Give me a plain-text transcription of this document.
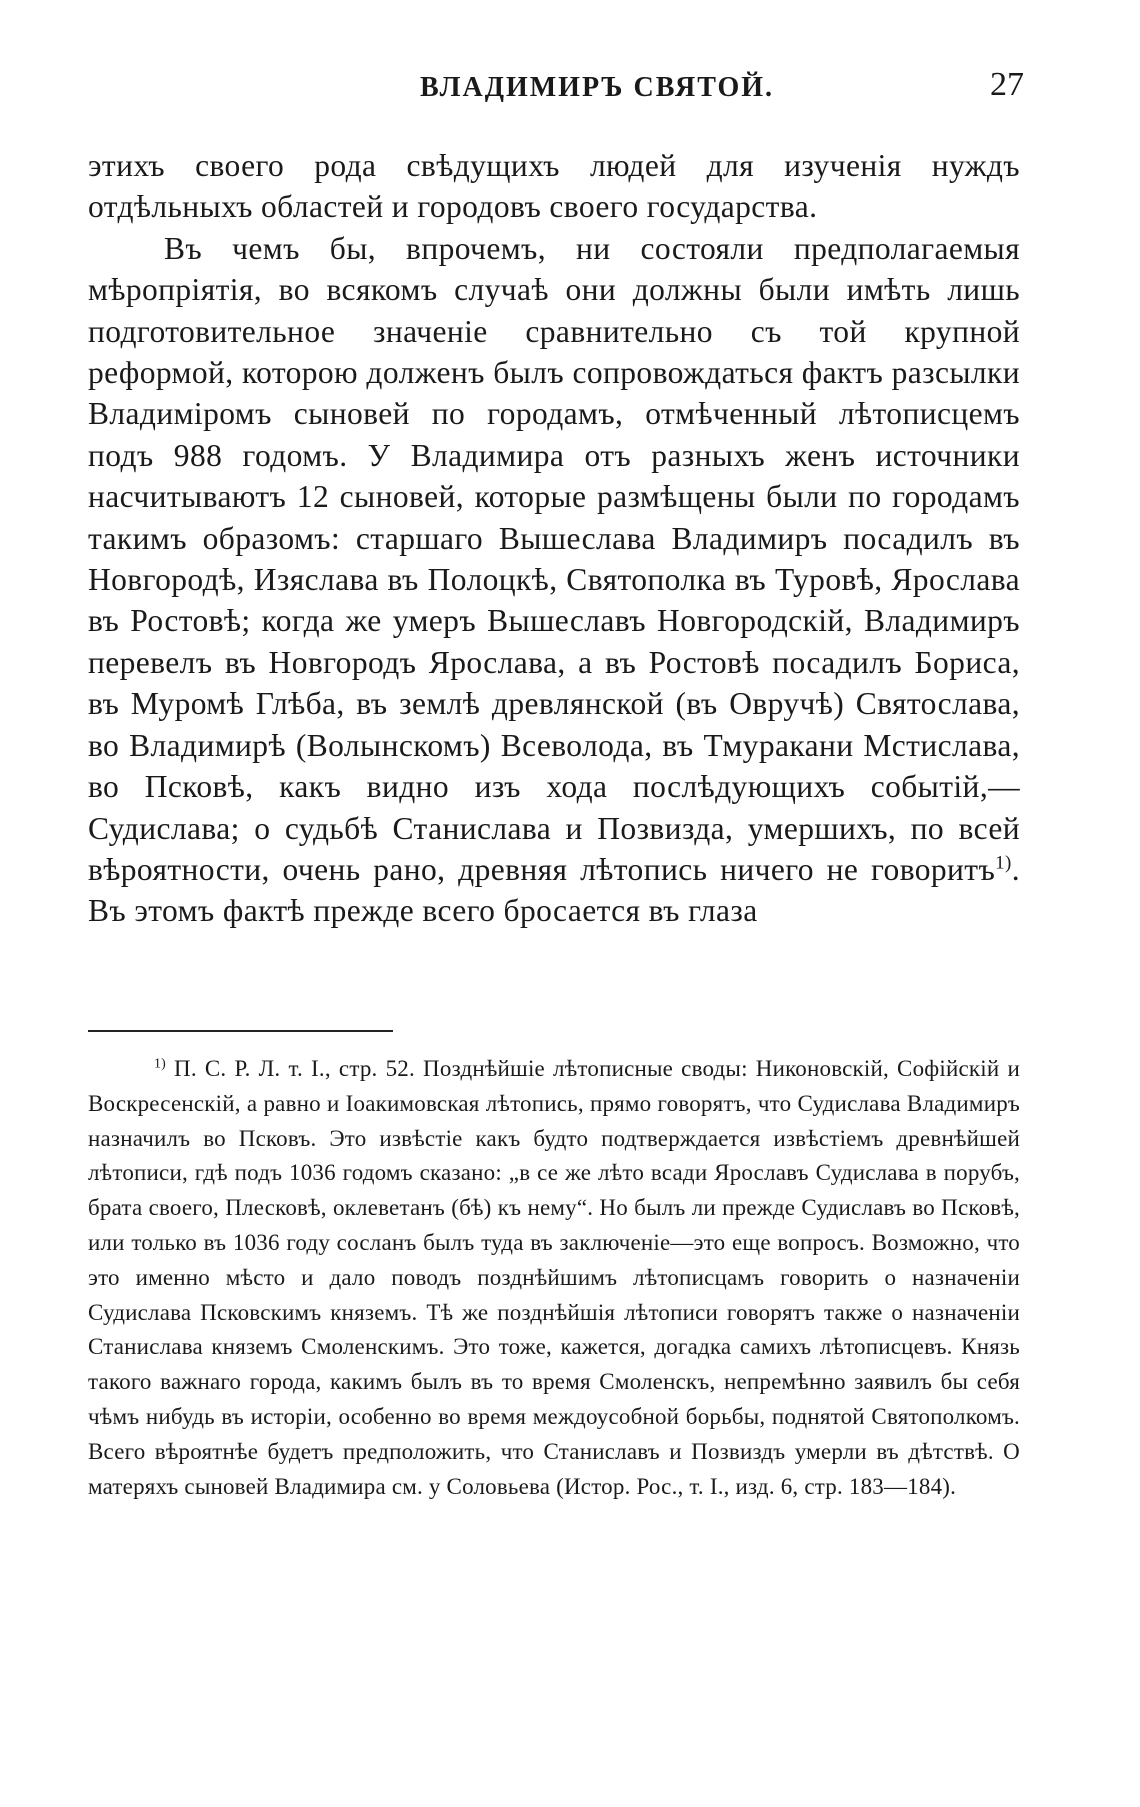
ВЛАДИМИРЪ СВЯТОЙ.	27

этихъ своего рода свѣдущихъ людей для изученія нуждъ отдѣльныхъ областей и городовъ своего государства.

Въ чемъ бы, впрочемъ, ни состояли предполагаемыя мѣропріятія, во всякомъ случаѣ они должны были имѣть лишь подготовительное значеніе сравнительно съ той крупной реформой, которою долженъ былъ сопровождаться фактъ разсылки Владиміромъ сыновей по городамъ, отмѣченный лѣтописцемъ подъ 988 годомъ. У Владимира отъ разныхъ женъ источники насчитываютъ 12 сыновей, которые размѣщены были по городамъ такимъ образомъ: старшаго Вышеслава Владимиръ посадилъ въ Новгородѣ, Изяслава въ Полоцкѣ, Святополка въ Туровѣ, Ярослава въ Ростовѣ; когда же умеръ Вышеславъ Новгородскій, Владимиръ перевелъ въ Новгородъ Ярослава, а въ Ростовѣ посадилъ Бориса, въ Муромѣ Глѣба, въ землѣ древлянской (въ Овручѣ) Святослава, во Владимирѣ (Волынскомъ) Всеволода, въ Тмуракани Мстислава, во Псковѣ, какъ видно изъ хода послѣдующихъ событій,—Судислава; о судьбѣ Станислава и Позвизда, умершихъ, по всей вѣроятности, очень рано, древняя лѣтопись ничего не говоритъ$^{1)}$. Въ этомъ фактѣ прежде всего бросается въ глаза

$^{1)}$ П. С. Р. Л. т. I., стр. 52. Позднѣйшіе лѣтописные своды: Никоновскій, Софійскій и Воскресенскій, а равно и Іоакимовская лѣтопись, прямо говорятъ, что Судислава Владимиръ назначилъ во Псковъ. Это извѣстіе какъ будто подтверждается извѣстіемъ древнѣйшей лѣтописи, гдѣ подъ 1036 годомъ сказано: „в се же лѣто всади Ярославъ Судислава в порубъ, брата своего, Плесковѣ, оклеветанъ (бѣ) къ нему“. Но былъ ли прежде Судиславъ во Псковѣ, или только въ 1036 году сосланъ былъ туда въ заключеніе—это еще вопросъ. Возможно, что это именно мѣсто и дало поводъ позднѣйшимъ лѣтописцамъ говорить о назначеніи Судислава Псковскимъ княземъ. Тѣ же позднѣйшія лѣтописи говорятъ также о назначеніи Станислава княземъ Смоленскимъ. Это тоже, кажется, догадка самихъ лѣтописцевъ. Князь такого важнаго города, какимъ былъ въ то время Смоленскъ, непремѣнно заявилъ бы себя чѣмъ нибудь въ исторіи, особенно во время междоусобной борьбы, поднятой Святополкомъ. Всего вѣроятнѣе будетъ предположить, что Станиславъ и Позвиздъ умерли въ дѣтствѣ. О матеряхъ сыновей Владимира см. у Соловьева (Истор. Рос., т. I., изд. 6, стр. 183—184).
